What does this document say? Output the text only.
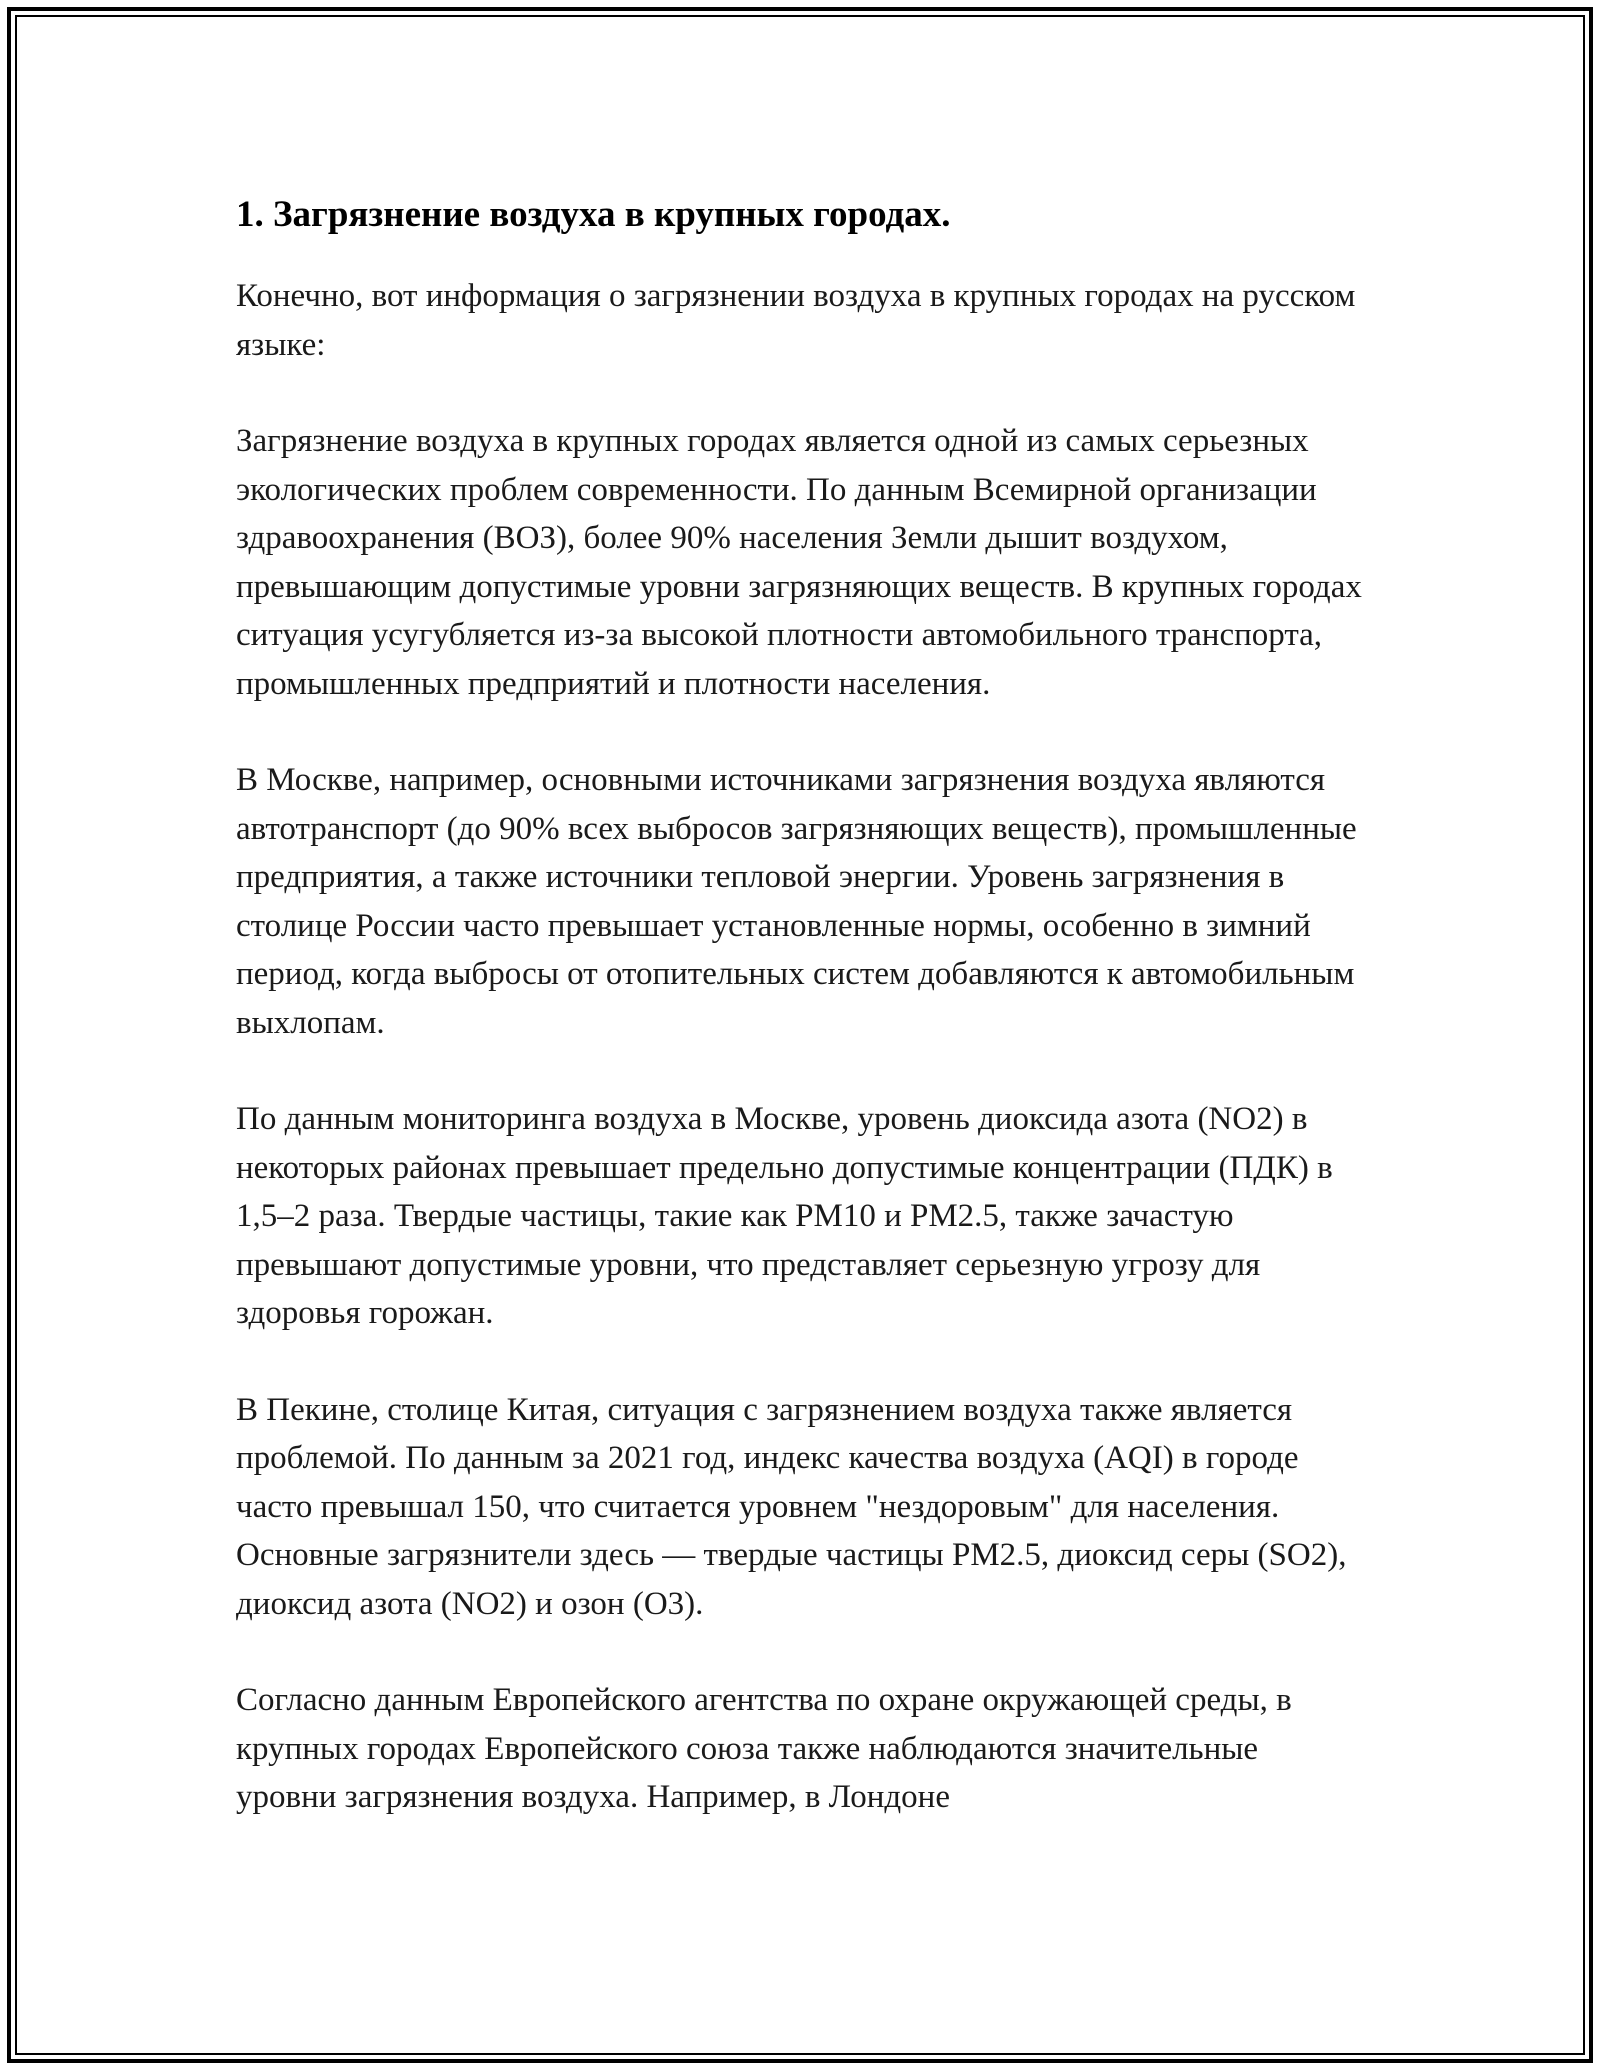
1. Загрязнение воздуха в крупных городах.

Конечно, вот информация о загрязнении воздуха в крупных городах на русском языке:

Загрязнение воздуха в крупных городах является одной из самых серьезных экологических проблем современности. По данным Всемирной организации здравоохранения (ВОЗ), более 90% населения Земли дышит воздухом, превышающим допустимые уровни загрязняющих веществ. В крупных городах ситуация усугубляется из-за высокой плотности автомобильного транспорта, промышленных предприятий и плотности населения.

В Москве, например, основными источниками загрязнения воздуха являются автотранспорт (до 90% всех выбросов загрязняющих веществ), промышленные предприятия, а также источники тепловой энергии. Уровень загрязнения в столице России часто превышает установленные нормы, особенно в зимний период, когда выбросы от отопительных систем добавляются к автомобильным выхлопам.

По данным мониторинга воздуха в Москве, уровень диоксида азота (NO2) в некоторых районах превышает предельно допустимые концентрации (ПДК) в 1,5–2 раза. Твердые частицы, такие как PM10 и PM2.5, также зачастую превышают допустимые уровни, что представляет серьезную угрозу для здоровья горожан.

В Пекине, столице Китая, ситуация с загрязнением воздуха также является проблемой. По данным за 2021 год, индекс качества воздуха (AQI) в городе часто превышал 150, что считается уровнем "нездоровым" для населения. Основные загрязнители здесь — твердые частицы PM2.5, диоксид серы (SO2), диоксид азота (NO2) и озон (O3).

Согласно данным Европейского агентства по охране окружающей среды, в крупных городах Европейского союза также наблюдаются значительные уровни загрязнения воздуха. Например, в Лондоне
